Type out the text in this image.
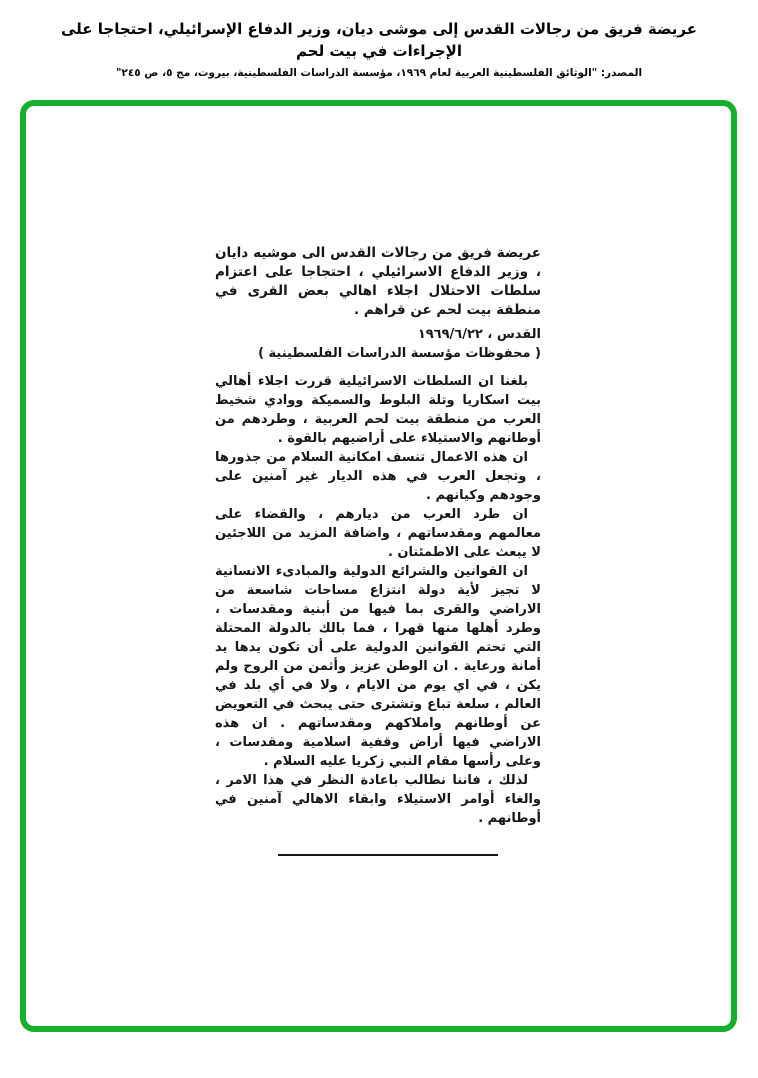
عريضة فريق من رجالات القدس إلى موشى ديان، وزير الدفاع الإسرائيلي، احتجاجا على الإجراءات في بيت لحم
المصدر: "الوثائق الفلسطينية العربية لعام ١٩٦٩، مؤسسة الدراسات الفلسطينية، بيروت، مج ٥، ص ٢٤٥"
عريضة فريق من رجالات القدس الى موشيه دايان ، وزير الدفاع الاسرائيلي ، احتجاجا على اعتزام سلطات الاحتلال اجلاء اهالي بعض القرى في منطقة بيت لحم عن قراهم .
القدس ، ١٩٦٩/٦/٢٢
( محفوظات مؤسسة الدراسات الفلسطينية )

بلغنا ان السلطات الاسرائيلية قررت اجلاء أهالي بيت اسكاريا وتلة البلوط والسميكة ووادي شخيط العرب من منطقة بيت لحم العربية ، وطردهم من أوطانهم والاستيلاء على أراضيهم بالقوة .

ان هذه الاعمال تنسف امكانية السلام من جذورها ، وتجعل العرب في هذه الديار غير آمنين على وجودهم وكيانهم .

ان طرد العرب من ديارهم ، والقضاء على معالمهم ومقدساتهم ، واضافة المزيد من اللاجئين لا يبعث على الاطمئنان .

ان القوانين والشرائع الدولية والمبادىء الانسانية لا تجيز لأية دولة انتزاع مساحات شاسعة من الاراضي والقرى بما فيها من أبنية ومقدسات ، وطرد أهلها منها قهرا ، فما بالك بالدولة المحتلة التي تحتم القوانين الدولية على أن تكون يدها يد أمانة ورعاية . ان الوطن عزيز وأثمن من الروح ولم يكن ، في اي يوم من الايام ، ولا في أي بلد في العالم ، سلعة تباع وتشترى حتى يبحث في التعويض عن أوطانهم واملاكهم ومقدساتهم . ان هذه الاراضي فيها أراض وقفية اسلامية ومقدسات ، وعلى رأسها مقام النبي زكريا عليه السلام .

لذلك ، فاننا نطالب باعادة النظر في هذا الامر ، والغاء أوامر الاستيلاء وابقاء الاهالي آمنين في أوطانهم .
